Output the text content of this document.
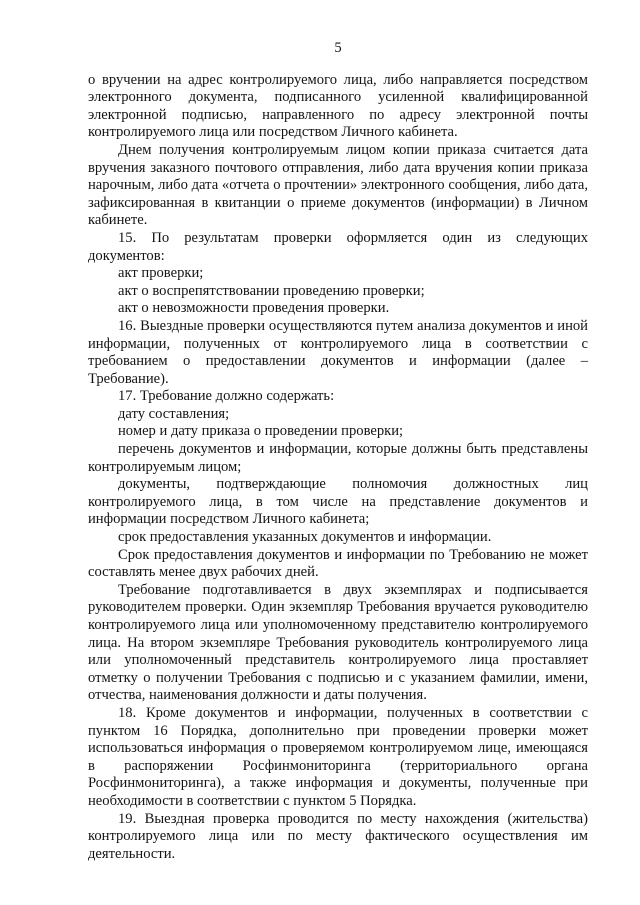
5

о вручении на адрес контролируемого лица, либо направляется посредством электронного документа, подписанного усиленной квалифицированной электронной подписью, направленного по адресу электронной почты контролируемого лица или посредством Личного кабинета.

Днем получения контролируемым лицом копии приказа считается дата вручения заказного почтового отправления, либо дата вручения копии приказа нарочным, либо дата «отчета о прочтении» электронного сообщения, либо дата, зафиксированная в квитанции о приеме документов (информации) в Личном кабинете.

15. По результатам проверки оформляется один из следующих документов:

акт проверки;

акт о воспрепятствовании проведению проверки;

акт о невозможности проведения проверки.

16. Выездные проверки осуществляются путем анализа документов и иной информации, полученных от контролируемого лица в соответствии с требованием о предоставлении документов и информации (далее – Требование).

17. Требование должно содержать:

дату составления;

номер и дату приказа о проведении проверки;

перечень документов и информации, которые должны быть представлены контролируемым лицом;

документы, подтверждающие полномочия должностных лиц контролируемого лица, в том числе на представление документов и информации посредством Личного кабинета;

срок предоставления указанных документов и информации.

Срок предоставления документов и информации по Требованию не может составлять менее двух рабочих дней.

Требование подготавливается в двух экземплярах и подписывается руководителем проверки. Один экземпляр Требования вручается руководителю контролируемого лица или уполномоченному представителю контролируемого лица. На втором экземпляре Требования руководитель контролируемого лица или уполномоченный представитель контролируемого лица проставляет отметку о получении Требования с подписью и с указанием фамилии, имени, отчества, наименования должности и даты получения.

18. Кроме документов и информации, полученных в соответствии с пунктом 16 Порядка, дополнительно при проведении проверки может использоваться информация о проверяемом контролируемом лице, имеющаяся в распоряжении Росфинмониторинга (территориального органа Росфинмониторинга), а также информация и документы, полученные при необходимости в соответствии с пунктом 5 Порядка.

19. Выездная проверка проводится по месту нахождения (жительства) контролируемого лица или по месту фактического осуществления им деятельности.
